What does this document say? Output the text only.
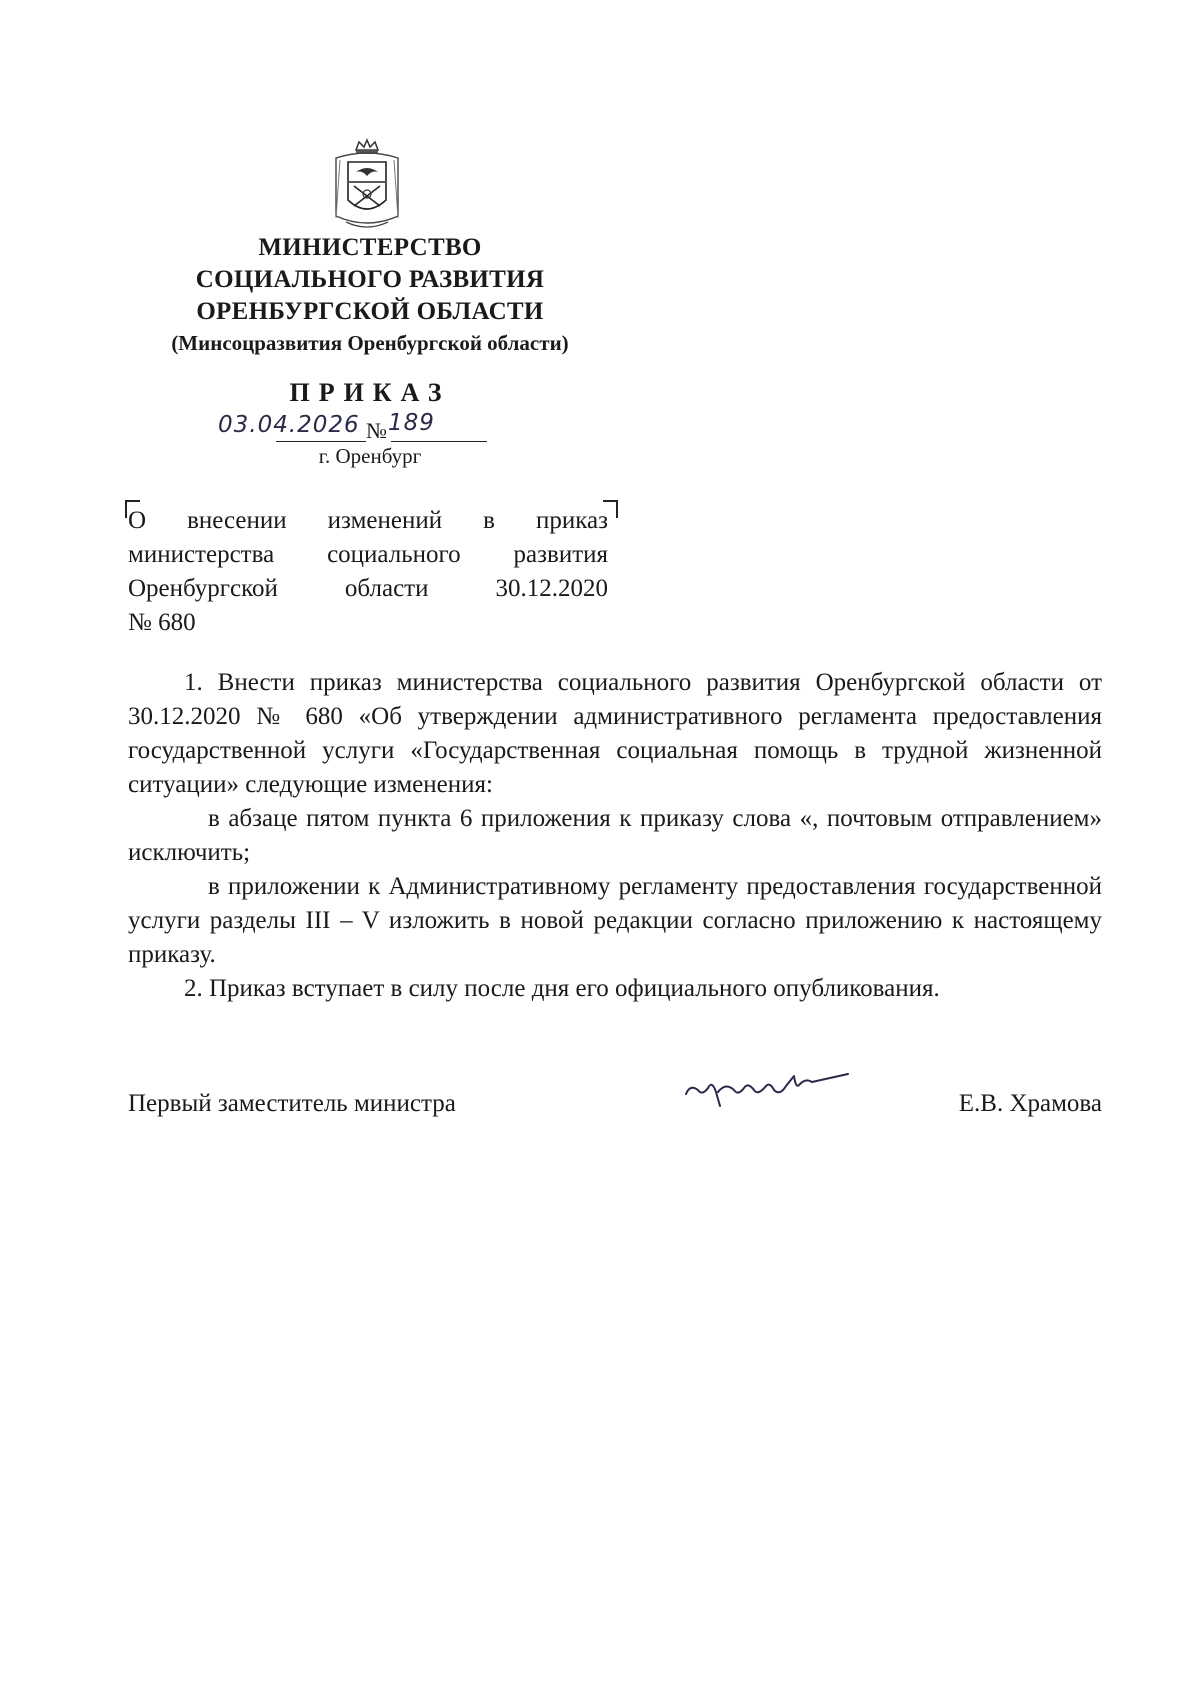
МИНИСТЕРСТВО
СОЦИАЛЬНОГО РАЗВИТИЯ
ОРЕНБУРГСКОЙ ОБЛАСТИ
(Минсоцразвития Оренбургской области)
ПРИКАЗ
03.04.2026 № 189
г. Оренбург

О внесении изменений в приказ

министерства социального развития

Оренбургской области 30.12.2020

№ 680

1. Внести приказ министерства социального развития Оренбургской области от 30.12.2020 № 680 «Об утверждении административного регламента предоставления государственной услуги «Государственная социальная помощь в трудной жизненной ситуации» следующие изменения:

в абзаце пятом пункта 6 приложения к приказу слова «, почтовым отправлением» исключить;

в приложении к Административному регламенту предоставления государственной услуги разделы III – V изложить в новой редакции согласно приложению к настоящему приказу.

2. Приказ вступает в силу после дня его официального опубликования.

Первый заместитель министра	Е.В. Храмова
